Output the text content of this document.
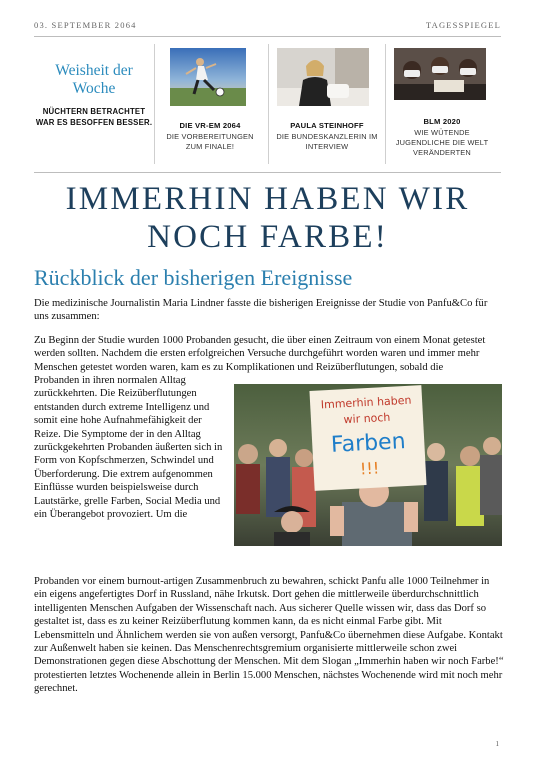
03. SEPTEMBER 2064	TAGESSPIEGEL
Weisheit der Woche
NÜCHTERN BETRACHTET WAR ES BESOFFEN BESSER.	DIE VR-EM 2064
DIE VORBEREITUNGEN ZUM FINALE!
PAULA STEINHOFF
DIE BUNDESKANZLERIN IM INTERVIEW
BLM 2020
WIE WÜTENDE JUGENDLICHE DIE WELT VERÄNDERTEN
IMMERHIN HABEN WIR NOCH FARBE!
Rückblick der bisherigen Ereignisse
Die medizinische Journalistin Maria Lindner fasste die bisherigen Ereignisse der Studie von Panfu&Co für uns zusammen:
Zu Beginn der Studie wurden 1000 Probanden gesucht, die über einen Zeitraum von einem Monat getestet werden sollten. Nachdem die ersten erfolgreichen Versuche durchgeführt worden waren und immer mehr Menschen getestet worden waren, kam es zu Komplikationen und Reizüberflutungen, sobald die
Probanden in ihren normalen Alltag zurückkehrten. Die Reizüberflutungen entstanden durch extreme Intelligenz und somit eine hohe Aufnahmefähigkeit der Reize. Die Symptome der in den Alltag zurückgekehrten Probanden äußerten sich in Form von Kopfschmerzen, Schwindel und Überforderung. Die extrem aufgenommen Einflüsse wurden beispielsweise durch Lautstärke, grelle Farben, Social Media und ein Überangebot provoziert. Um die
Immerhin haben
wir noch
Farben
!!!
Probanden vor einem burnout-artigen Zusammenbruch zu bewahren, schickt Panfu alle 1000 Teilnehmer in ein eigens angefertigtes Dorf in Russland, nähe Irkutsk. Dort gehen die mittlerweile überdurchschnittlich intelligenten Menschen Aufgaben der Wissenschaft nach. Aus sicherer Quelle wissen wir, dass das Dorf so gestaltet ist, dass es zu keiner Reizüberflutung kommen kann, da es nicht einmal Farbe gibt. Mit Lebensmitteln und Ähnlichem werden sie von außen versorgt, Panfu&Co übernehmen diese Aufgabe. Kontakt zur Außenwelt haben sie keinen. Das Menschenrechtsgremium organisierte mittlerweile schon zwei Demonstrationen gegen diese Abschottung der Menschen. Mit dem Slogan „Immerhin haben wir noch Farbe!“ protestierten letztes Wochenende allein in Berlin 15.000 Menschen, nächstes Wochenende wird mit noch mehr gerechnet.
1
